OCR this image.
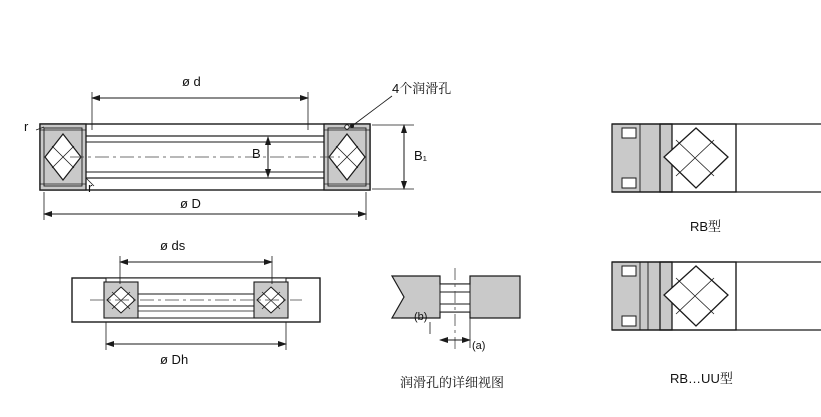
ø d
ø D
B	B₁
r
r
4个润滑孔
ø ds
ø Dh
(b)
(a)
润滑孔的详细视图
RB型
RB…UU型
